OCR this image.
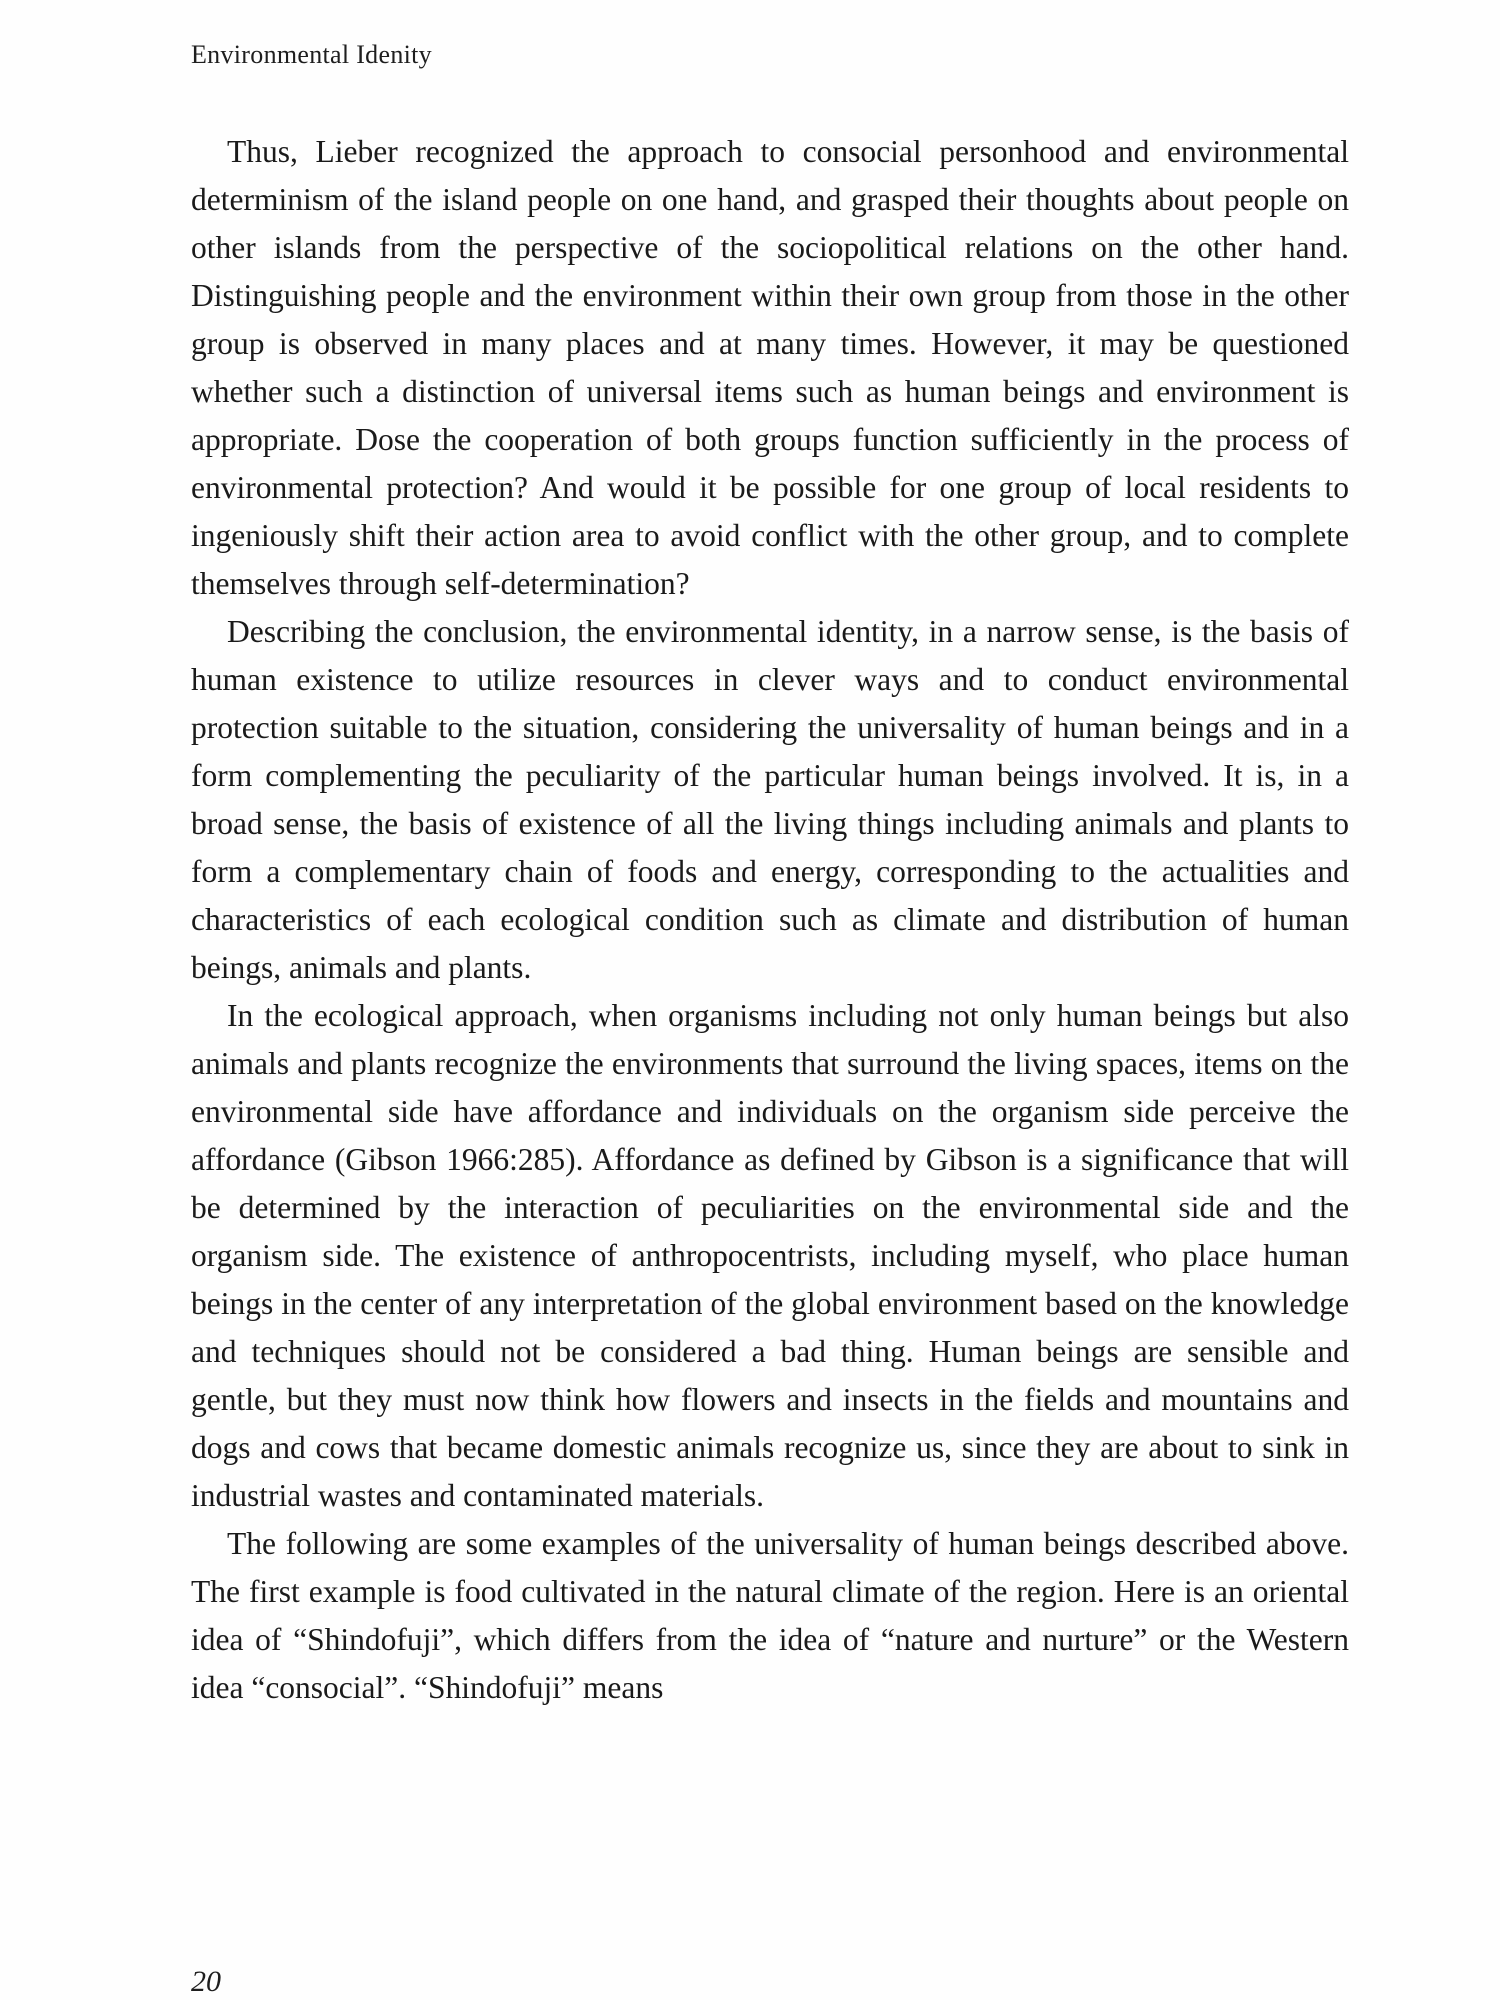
Environmental Idenity

Thus, Lieber recognized the approach to consocial personhood and environmental determinism of the island people on one hand, and grasped their thoughts about people on other islands from the perspective of the sociopolitical relations on the other hand. Distinguishing people and the environment within their own group from those in the other group is observed in many places and at many times. However, it may be questioned whether such a distinction of universal items such as human beings and environment is appropriate. Dose the cooperation of both groups function sufficiently in the process of environmental protection? And would it be possible for one group of local residents to ingeniously shift their action area to avoid conflict with the other group, and to complete themselves through self-determination?

Describing the conclusion, the environmental identity, in a narrow sense, is the basis of human existence to utilize resources in clever ways and to conduct environmental protection suitable to the situation, considering the universality of human beings and in a form complementing the peculiarity of the particular human beings involved. It is, in a broad sense, the basis of existence of all the living things including animals and plants to form a complementary chain of foods and energy, corresponding to the actualities and characteristics of each ecological condition such as climate and distribution of human beings, animals and plants.

In the ecological approach, when organisms including not only human beings but also animals and plants recognize the environments that surround the living spaces, items on the environmental side have affordance and individuals on the organism side perceive the affordance (Gibson 1966:285). Affordance as defined by Gibson is a significance that will be determined by the interaction of peculiarities on the environmental side and the organism side. The existence of anthropocentrists, including myself, who place human beings in the center of any interpretation of the global environment based on the knowledge and techniques should not be considered a bad thing. Human beings are sensible and gentle, but they must now think how flowers and insects in the fields and mountains and dogs and cows that became domestic animals recognize us, since they are about to sink in industrial wastes and contaminated materials.

The following are some examples of the universality of human beings described above. The first example is food cultivated in the natural climate of the region. Here is an oriental idea of “Shindofuji”, which differs from the idea of “nature and nurture” or the Western idea “consocial”. “Shindofuji” means

20
